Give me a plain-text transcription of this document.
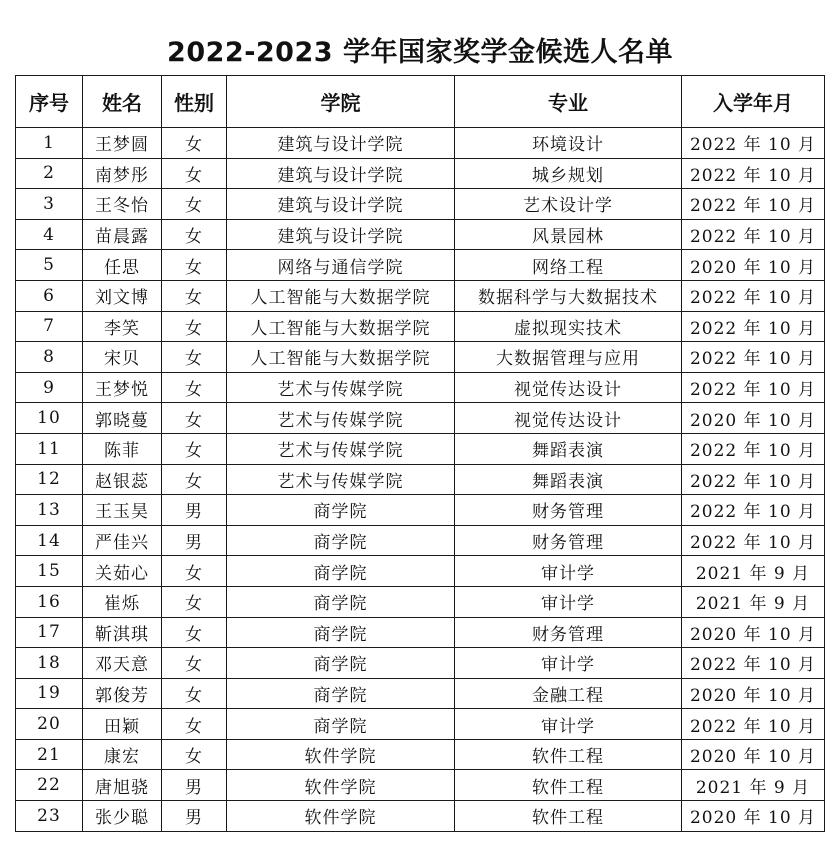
2022-2023 学年国家奖学金候选人名单
序号	姓名	性别	学院	专业	入学年月
1	王梦圆	女	建筑与设计学院	环境设计	2022 年 10 月
2	南梦彤	女	建筑与设计学院	城乡规划	2022 年 10 月
3	王冬怡	女	建筑与设计学院	艺术设计学	2022 年 10 月
4	苗晨露	女	建筑与设计学院	风景园林	2022 年 10 月
5	任思	女	网络与通信学院	网络工程	2020 年 10 月
6	刘文博	女	人工智能与大数据学院	数据科学与大数据技术	2022 年 10 月
7	李笑	女	人工智能与大数据学院	虚拟现实技术	2022 年 10 月
8	宋贝	女	人工智能与大数据学院	大数据管理与应用	2022 年 10 月
9	王梦悦	女	艺术与传媒学院	视觉传达设计	2022 年 10 月
10	郭晓蔓	女	艺术与传媒学院	视觉传达设计	2020 年 10 月
11	陈菲	女	艺术与传媒学院	舞蹈表演	2022 年 10 月
12	赵银蕊	女	艺术与传媒学院	舞蹈表演	2022 年 10 月
13	王玉昊	男	商学院	财务管理	2022 年 10 月
14	严佳兴	男	商学院	财务管理	2022 年 10 月
15	关茹心	女	商学院	审计学	2021 年 9 月
16	崔烁	女	商学院	审计学	2021 年 9 月
17	靳淇琪	女	商学院	财务管理	2020 年 10 月
18	邓天意	女	商学院	审计学	2022 年 10 月
19	郭俊芳	女	商学院	金融工程	2020 年 10 月
20	田颖	女	商学院	审计学	2022 年 10 月
21	康宏	女	软件学院	软件工程	2020 年 10 月
22	唐旭骁	男	软件学院	软件工程	2021 年 9 月
23	张少聪	男	软件学院	软件工程	2020 年 10 月
